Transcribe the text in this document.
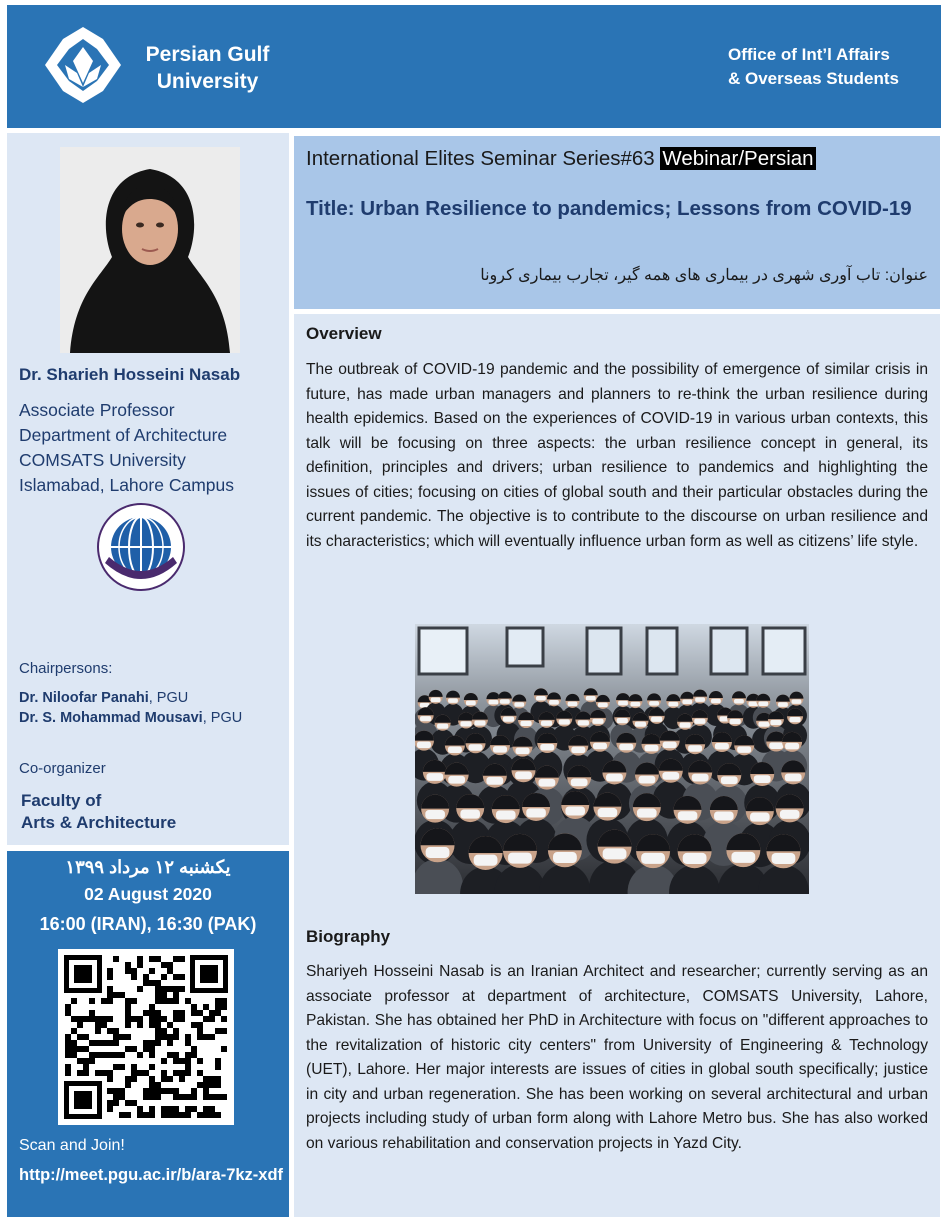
Persian Gulf University
Office of Int’l Affairs
& Overseas Students
Dr. Sharieh Hosseini Nasab
Associate Professor
Department of Architecture
COMSATS University
Islamabad, Lahore Campus
Chairpersons:
Dr. Niloofar Panahi, PGU
Dr. S. Mohammad Mousavi, PGU
Co-organizer
Faculty of
Arts & Architecture
یکشنبه ۱۲ مرداد ۱۳۹۹
02 August 2020
16:00 (IRAN), 16:30 (PAK)
Scan and Join!
http://meet.pgu.ac.ir/b/ara-7kz-xdf
International Elites Seminar Series#63 Webinar/Persian
Title: Urban Resilience to pandemics; Lessons from COVID-19
عنوان: تاب آوری شهری در بیماری های همه گیر، تجارب بیماری کرونا
Overview
The outbreak of COVID-19 pandemic and the possibility of emergence of similar crisis in future, has made urban managers and planners to re-think the urban resilience during health epidemics. Based on the experiences of COVID-19 in various urban contexts, this talk will be focusing on three aspects: the urban resilience concept in general, its definition, principles and drivers; urban resilience to pandemics and highlighting the issues of cities; focusing on cities of global south and their particular obstacles during the current pandemic. The objective is to contribute to the discourse on urban resilience and its characteristics; which will eventually influence urban form as well as citizens’ life style.
Biography
Shariyeh Hosseini Nasab is an Iranian Architect and researcher; currently serving as an associate professor at department of architecture, COMSATS University, Lahore, Pakistan. She has obtained her PhD in Architecture with focus on "different approaches to the revitalization of historic city centers" from University of Engineering & Technology (UET), Lahore. Her major interests are issues of cities in global south specifically; justice in city and urban regeneration. She has been working on several architectural and urban projects including study of urban form along with Lahore Metro bus. She has also worked on various rehabilitation and conservation projects in Yazd City.
